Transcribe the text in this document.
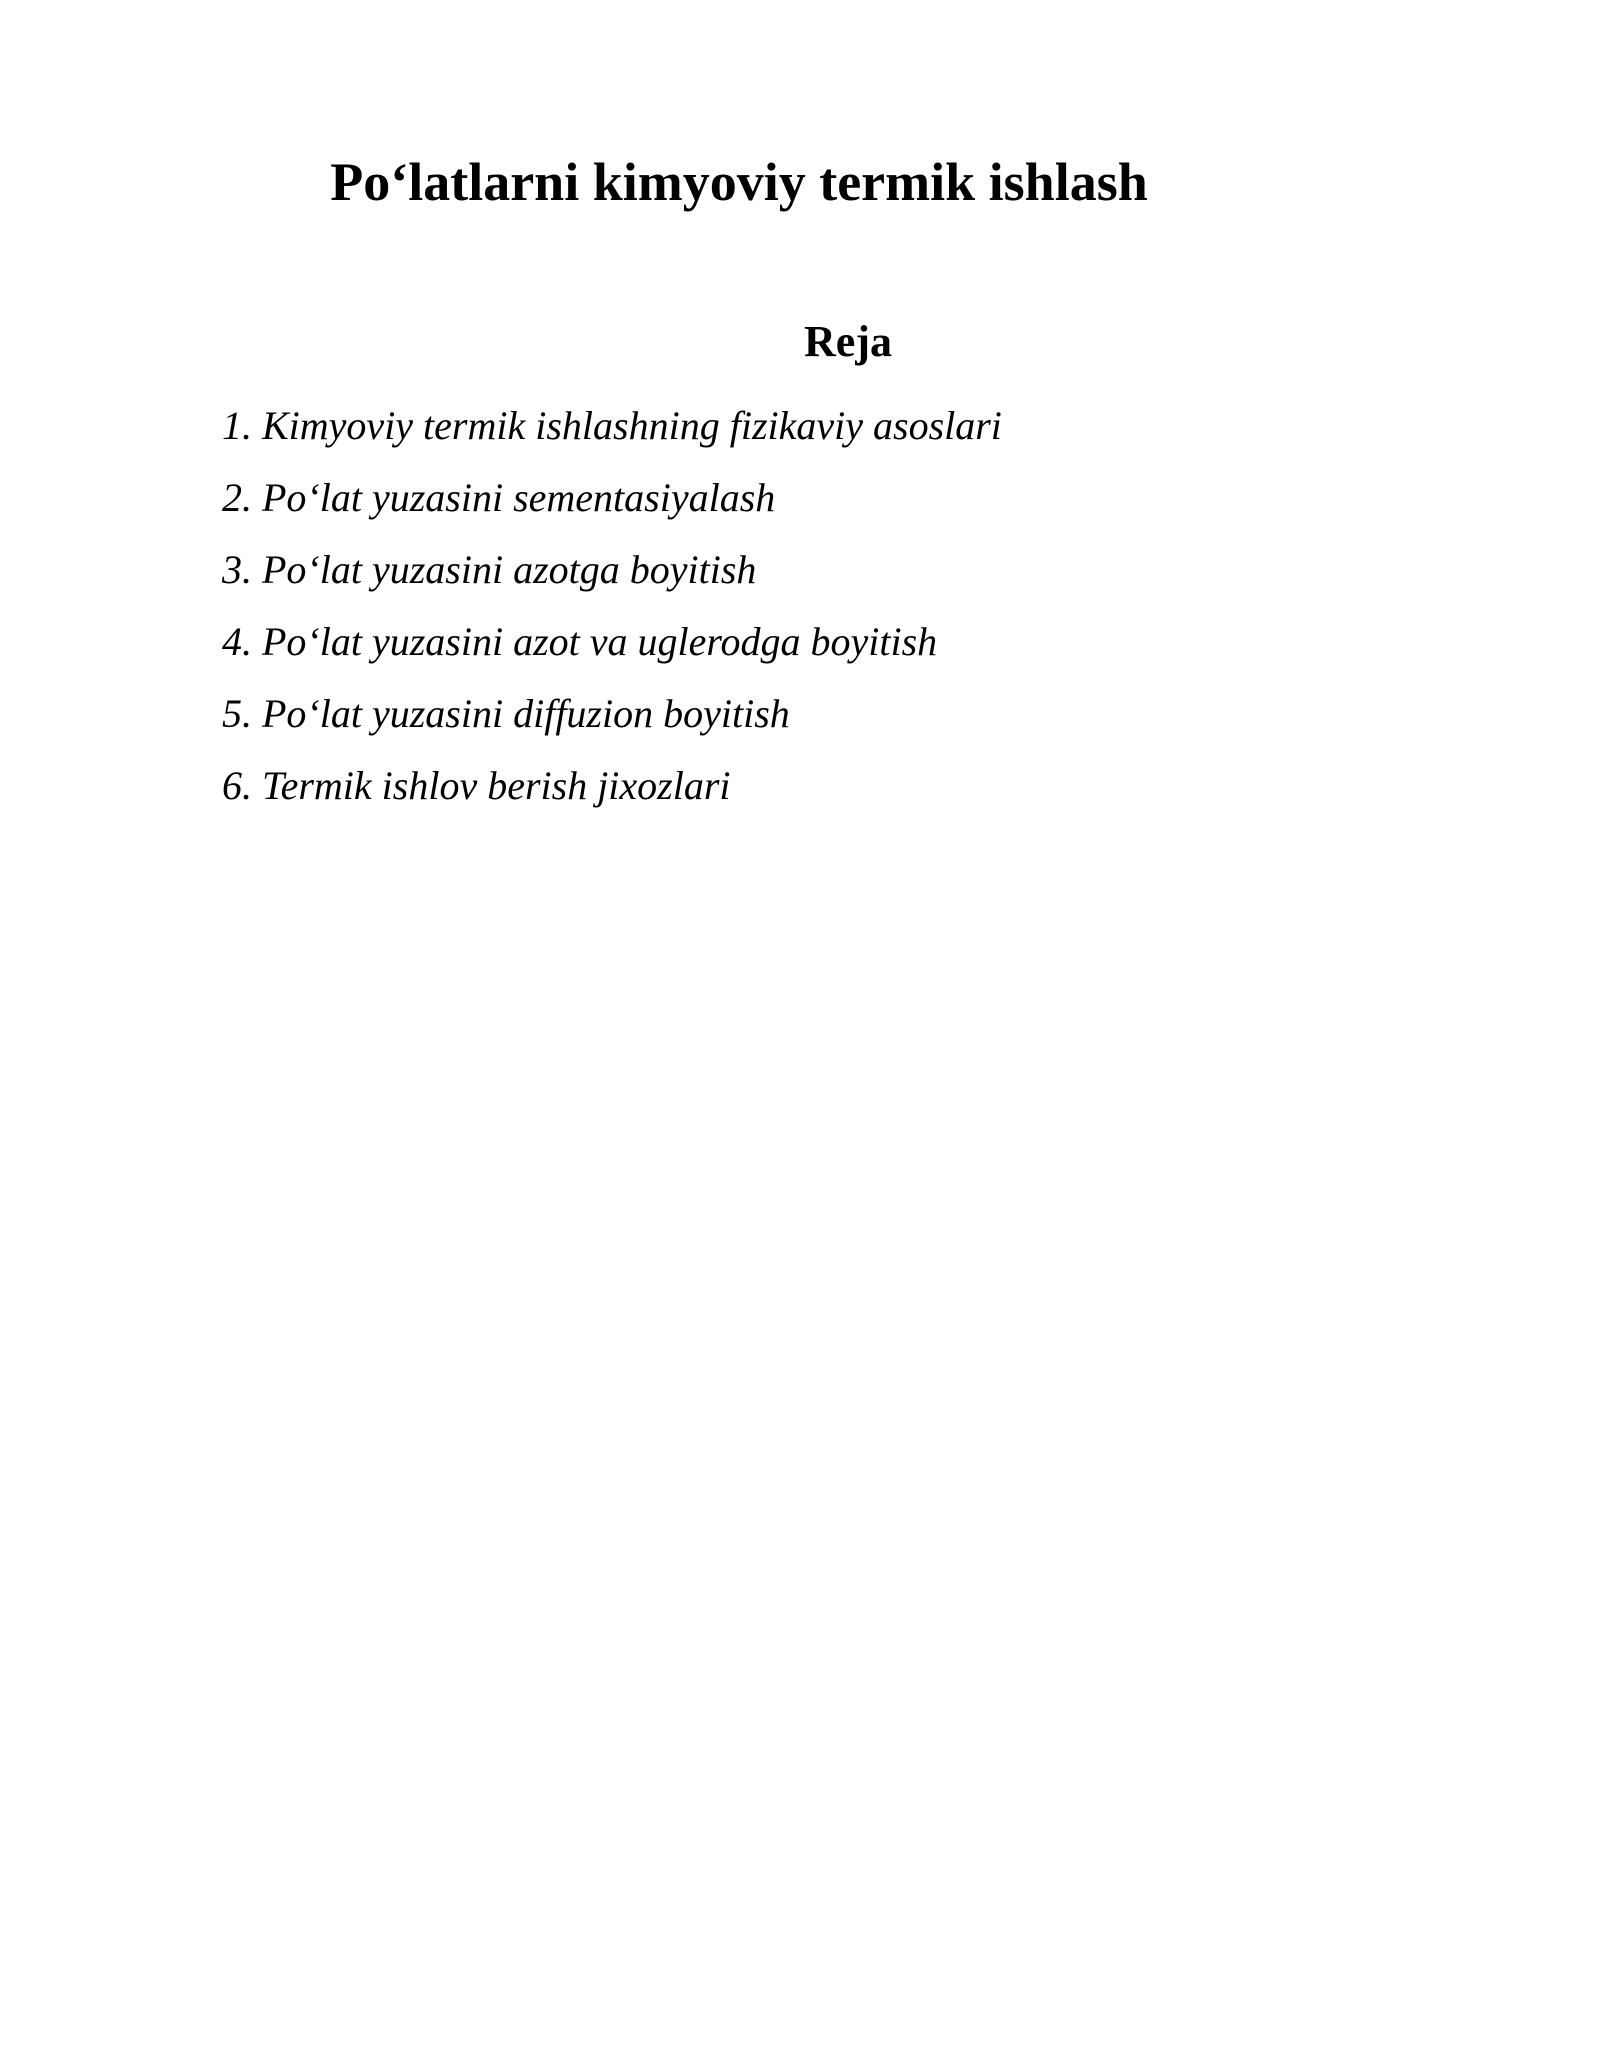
Po‘latlarni kimyoviy termik ishlash
Reja
1. Kimyoviy termik ishlashning fizikaviy asoslari
2. Po‘lat yuzasini sementasiyalash
3. Po‘lat yuzasini azotga boyitish
4. Po‘lat yuzasini azot va uglerodga boyitish
5. Po‘lat yuzasini diffuzion boyitish
6. Termik ishlov berish jixozlari
